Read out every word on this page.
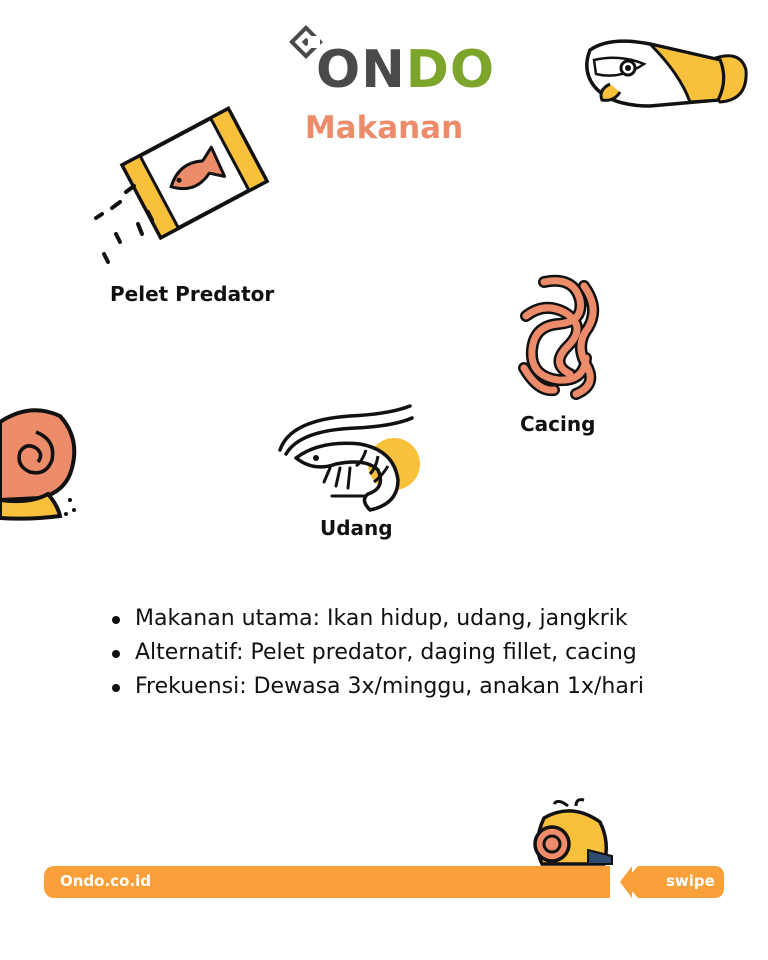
ONDO
Makanan
Pelet Predator
Cacing
Udang
Makanan utama: Ikan hidup, udang, jangkrik
Alternatif: Pelet predator, daging fillet, cacing
Frekuensi: Dewasa 3x/minggu, anakan 1x/hari
Ondo.co.id	swipe
